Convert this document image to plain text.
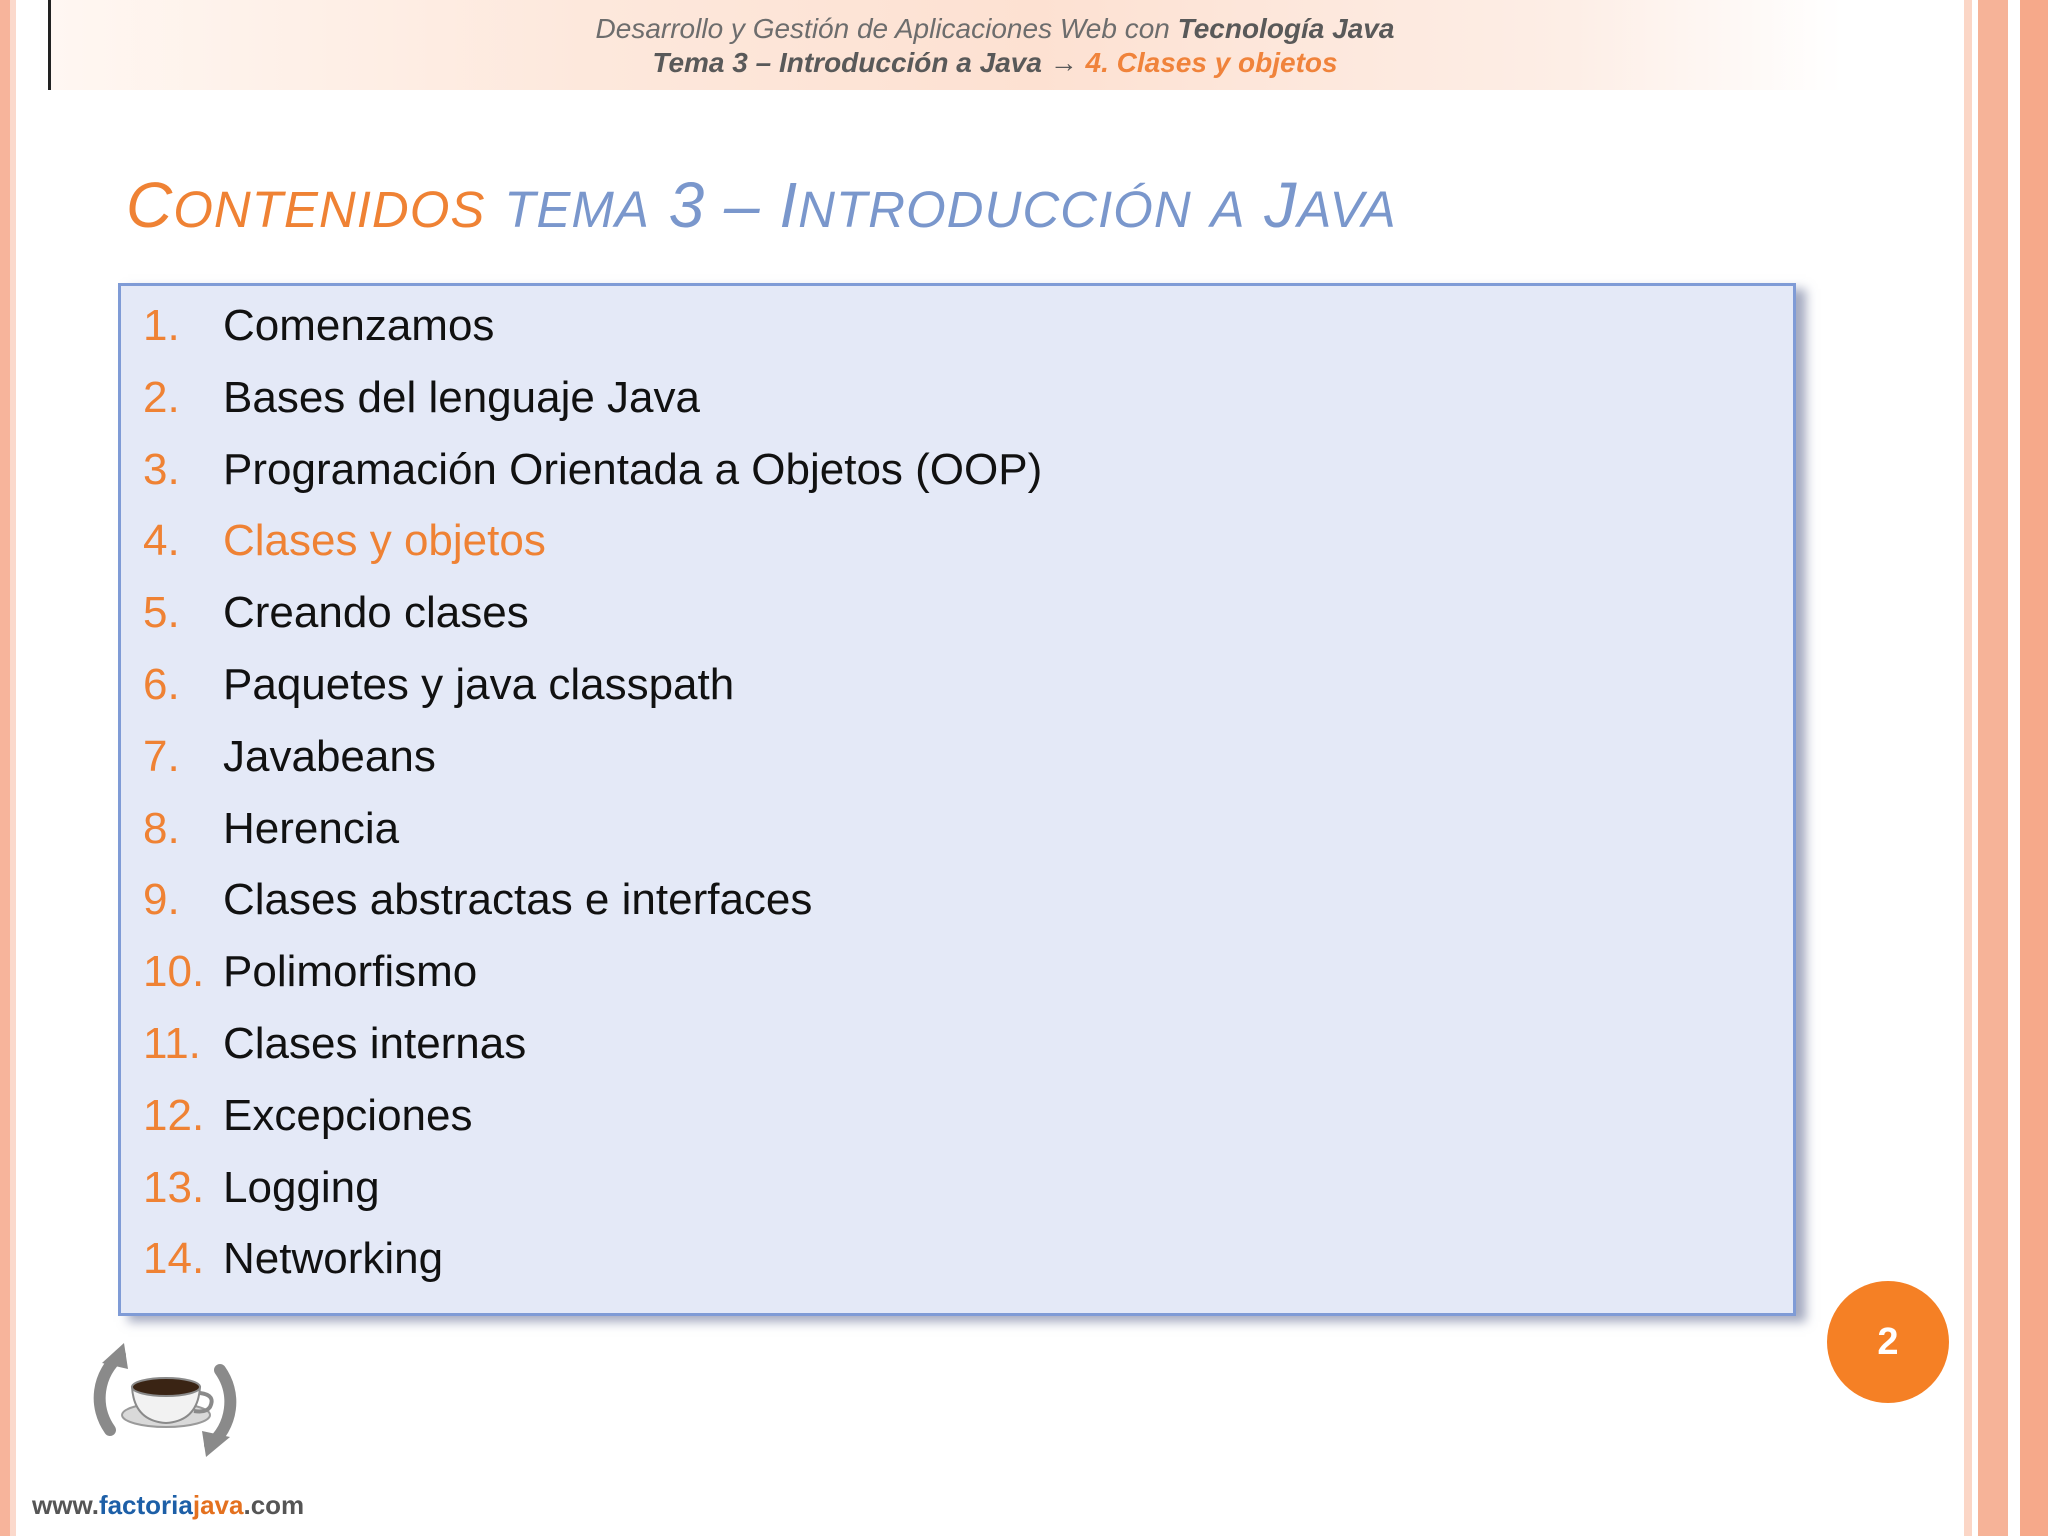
Desarrollo y Gestión de Aplicaciones Web con Tecnología Java
Tema 3 – Introducción a Java → 4. Clases y objetos
CONTENIDOS TEMA 3 – INTRODUCCIÓN A JAVA
1. Comenzamos
2. Bases del lenguaje Java
3. Programación Orientada a Objetos (OOP)
4. Clases y objetos
5. Creando clases
6. Paquetes y java classpath
7. Javabeans
8. Herencia
9. Clases abstractas e interfaces
10. Polimorfismo
11. Clases internas
12. Excepciones
13. Logging
14. Networking
2
www.factoriajava.com
